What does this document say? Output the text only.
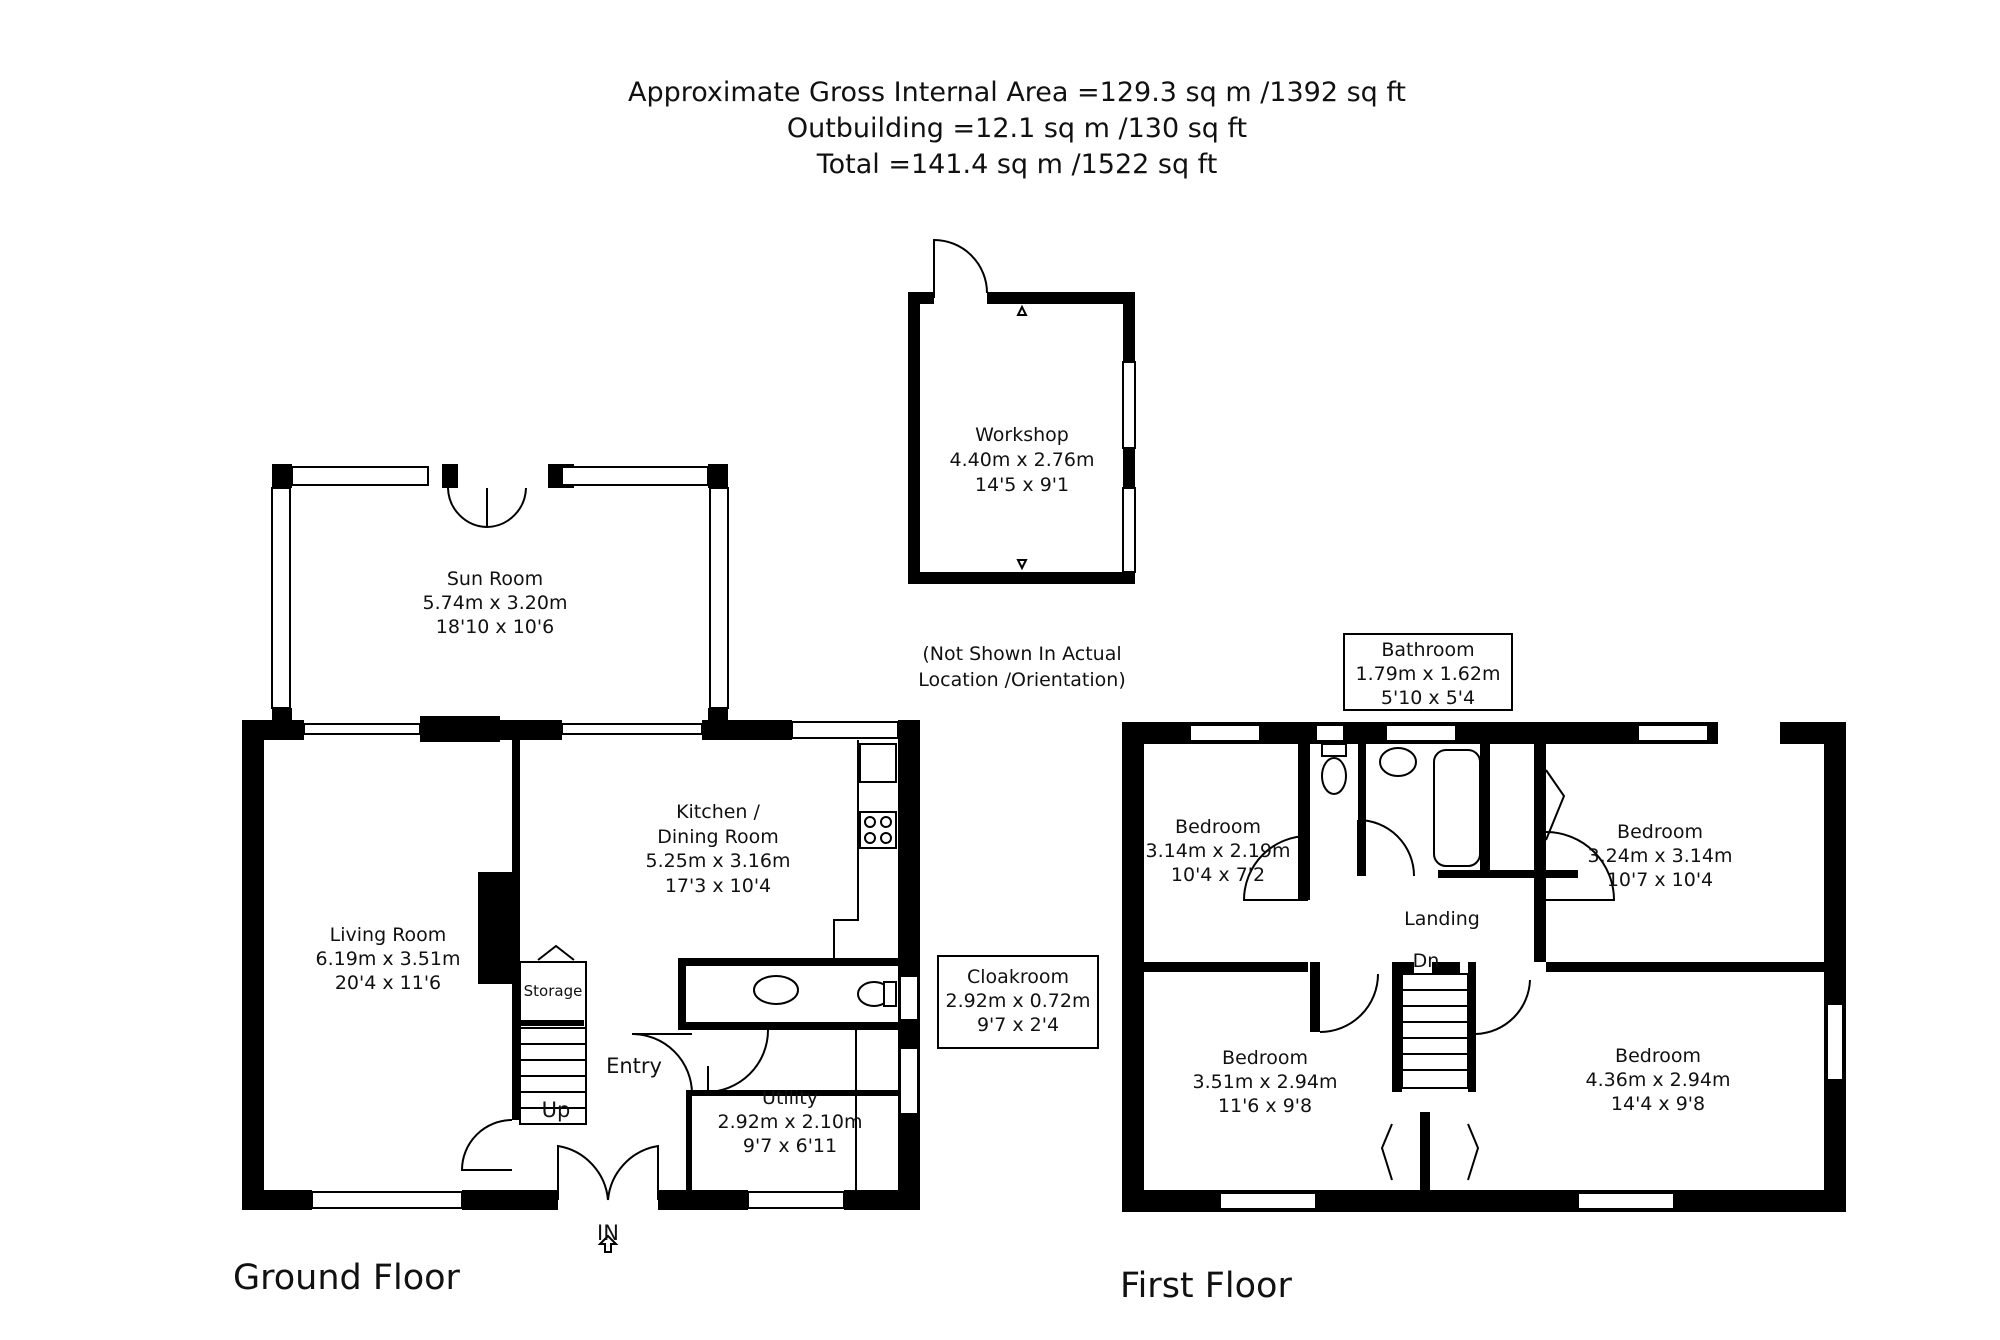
Approximate Gross Internal Area =129.3 sq m /1392 sq ft
Outbuilding =12.1 sq m /130 sq ft
Total =141.4 sq m /1522 sq ft
Workshop
4.40m x 2.76m
14'5 x 9'1
(Not Shown In Actual
Location /Orientation)
Sun Room
5.74m x 3.20m
18'10 x 10'6
Living Room
6.19m x 3.51m
20'4 x 11'6
Kitchen /
Dining Room
5.25m x 3.16m
17'3 x 10'4
Cloakroom
2.92m x 0.72m
9'7 x 2'4
Utility
2.92m x 2.10m
9'7 x 6'11
Storage
Entry
Up
IN
Ground Floor
Bathroom
1.79m x 1.62m
5'10 x 5'4
Bedroom
3.14m x 2.19m
10'4 x 7'2
Bedroom
3.24m x 3.14m
10'7 x 10'4
Bedroom
3.51m x 2.94m
11'6 x 9'8
Bedroom
4.36m x 2.94m
14'4 x 9'8
Landing
Dn
First Floor
